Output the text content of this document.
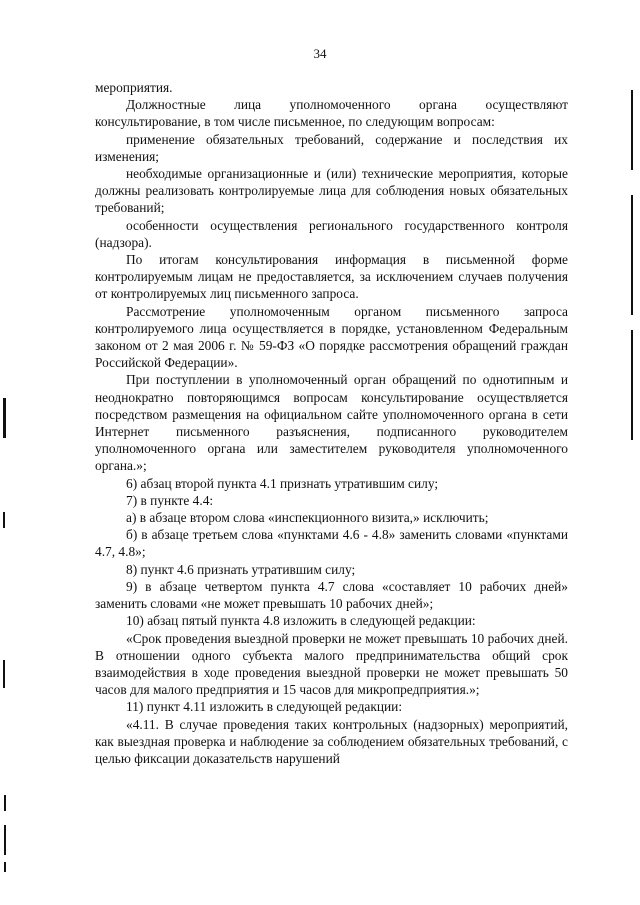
34

мероприятия.

Должностные лица уполномоченного органа осуществляют консультирование, в том числе письменное, по следующим вопросам:

применение обязательных требований, содержание и последствия их изменения;

необходимые организационные и (или) технические мероприятия, которые должны реализовать контролируемые лица для соблюдения новых обязательных требований;

особенности осуществления регионального государственного контроля (надзора).

По итогам консультирования информация в письменной форме контролируемым лицам не предоставляется, за исключением случаев получения от контролируемых лиц письменного запроса.

Рассмотрение уполномоченным органом письменного запроса контролируемого лица осуществляется в порядке, установленном Федеральным законом от 2 мая 2006 г. № 59-ФЗ «О порядке рассмотрения обращений граждан Российской Федерации».

При поступлении в уполномоченный орган обращений по однотипным и неоднократно повторяющимся вопросам консультирование осуществляется посредством размещения на официальном сайте уполномоченного органа в сети Интернет письменного разъяснения, подписанного руководителем уполномоченного органа или заместителем руководителя уполномоченного органа.»;

6) абзац второй пункта 4.1 признать утратившим силу;

7) в пункте 4.4:

а) в абзаце втором слова «инспекционного визита,» исключить;

б) в абзаце третьем слова «пунктами 4.6 - 4.8» заменить словами «пунктами 4.7, 4.8»;

8) пункт 4.6 признать утратившим силу;

9) в абзаце четвертом пункта 4.7 слова «составляет 10 рабочих дней» заменить словами «не может превышать 10 рабочих дней»;

10) абзац пятый пункта 4.8 изложить в следующей редакции:

«Срок проведения выездной проверки не может превышать 10 рабочих дней. В отношении одного субъекта малого предпринимательства общий срок взаимодействия в ходе проведения выездной проверки не может превышать 50 часов для малого предприятия и 15 часов для микропредприятия.»;

11) пункт 4.11 изложить в следующей редакции:

«4.11. В случае проведения таких контрольных (надзорных) мероприятий, как выездная проверка и наблюдение за соблюдением обязательных требований, с целью фиксации доказательств нарушений
